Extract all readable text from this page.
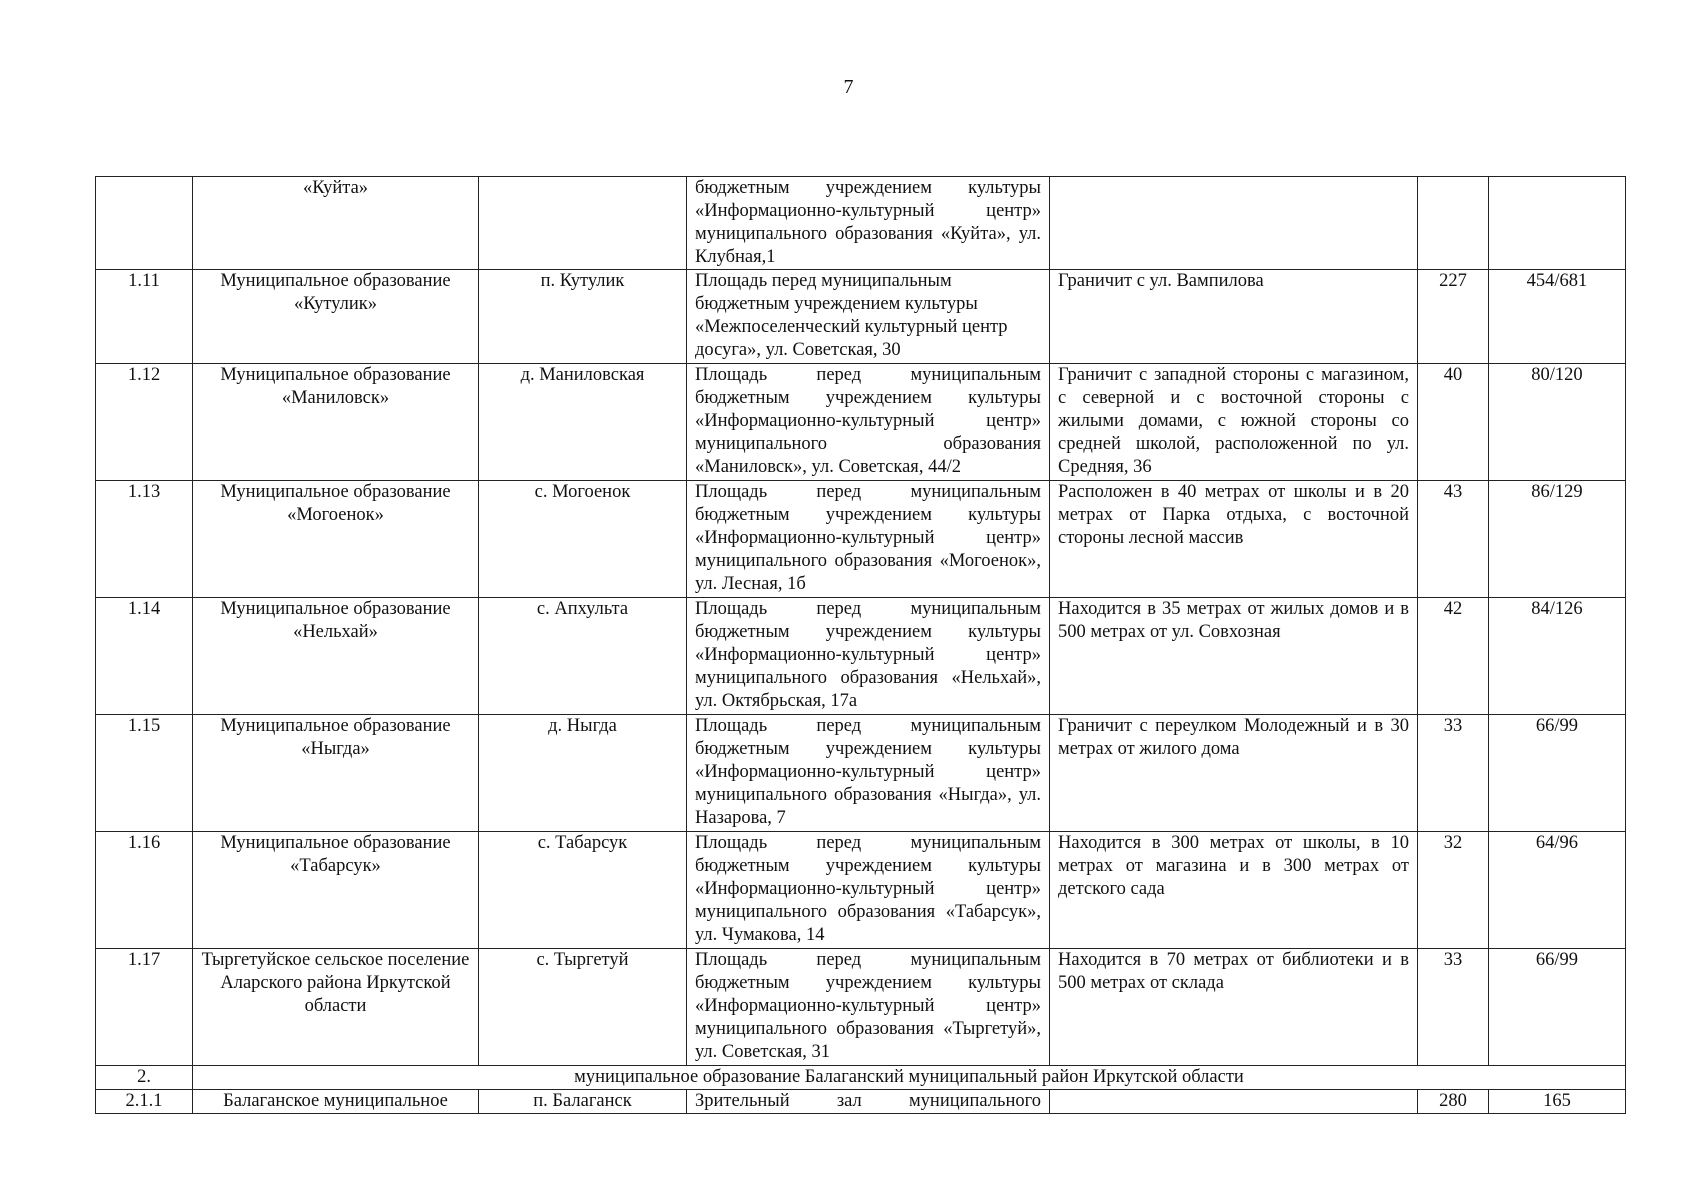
7
	«Куйта»		бюджетным учреждением культуры «Информационно-культурный центр» муниципального образования «Куйта», ул. Клубная,1			
1.11	Муниципальное образование «Кутулик»	п. Кутулик	Площадь перед муниципальным бюджетным учреждением культуры «Межпоселенческий культурный центр досуга», ул. Советская, 30	Граничит с ул. Вампилова	227	454/681
1.12	Муниципальное образование «Маниловск»	д. Маниловская	Площадь перед муниципальным бюджетным учреждением культуры «Информационно-культурный центр» муниципального образования «Маниловск», ул. Советская, 44/2	Граничит с западной стороны с магазином, с северной и с восточной стороны с жилыми домами, с южной стороны со средней школой, расположенной по ул. Средняя, 36	40	80/120
1.13	Муниципальное образование «Могоенок»	с. Могоенок	Площадь перед муниципальным бюджетным учреждением культуры «Информационно-культурный центр» муниципального образования «Могоенок», ул. Лесная, 1б	Расположен в 40 метрах от школы и в 20 метрах от Парка отдыха, с восточной стороны лесной массив	43	86/129
1.14	Муниципальное образование «Нельхай»	с. Апхульта	Площадь перед муниципальным бюджетным учреждением культуры «Информационно-культурный центр» муниципального образования «Нельхай», ул. Октябрьская, 17а	Находится в 35 метрах от жилых домов и в 500 метрах от ул. Совхозная	42	84/126
1.15	Муниципальное образование «Ныгда»	д. Ныгда	Площадь перед муниципальным бюджетным учреждением культуры «Информационно-культурный центр» муниципального образования «Ныгда», ул. Назарова, 7	Граничит с переулком Молодежный и в 30 метрах от жилого дома	33	66/99
1.16	Муниципальное образование «Табарсук»	с. Табарсук	Площадь перед муниципальным бюджетным учреждением культуры «Информационно-культурный центр» муниципального образования «Табарсук», ул. Чумакова, 14	Находится в 300 метрах от школы, в 10 метрах от магазина и в 300 метрах от детского сада	32	64/96
1.17	Тыргетуйское сельское поселение Аларского района Иркутской области	с. Тыргетуй	Площадь перед муниципальным бюджетным учреждением культуры «Информационно-культурный центр» муниципального образования «Тыргетуй», ул. Советская, 31	Находится в 70 метрах от библиотеки и в 500 метрах от склада	33	66/99
2.	муниципальное образование Балаганский муниципальный район Иркутской области					
2.1.1	Балаганское муниципальное	п. Балаганск	Зрительный зал муниципального		280	165
